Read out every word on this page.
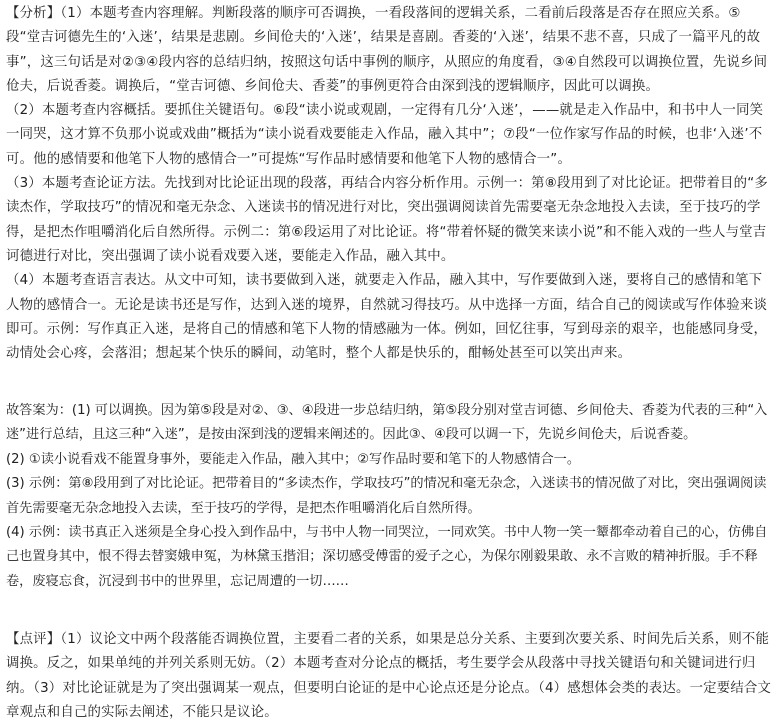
【分析】（1）本题考查内容理解。判断段落的顺序可否调换，一看段落间的逻辑关系，二看前后段落是否存在照应关系。⑤段“堂吉诃德先生的‘入迷’，结果是悲剧。乡间伧夫的‘入迷’，结果是喜剧。香菱的‘入迷’，结果不悲不喜，只成了一篇平凡的故事”，这三句话是对②③④段内容的总结归纳，按照这句话中事例的顺序，从照应的角度看，③④自然段可以调换位置，先说乡间伧夫，后说香菱。调换后，“堂吉诃德、乡间伧夫、香菱”的事例更符合由深到浅的逻辑顺序，因此可以调换。

（2）本题考查内容概括。要抓住关键语句。⑥段“读小说或观剧，一定得有几分‘入迷’，——就是走入作品中，和书中人一同笑一同哭，这才算不负那小说或戏曲”概括为“读小说看戏要能走入作品，融入其中”；⑦段“一位作家写作品的时候，也非‘入迷’不可。他的感情要和他笔下人物的感情合一”可提炼“写作品时感情要和他笔下人物的感情合一”。

（3）本题考查论证方法。先找到对比论证出现的段落，再结合内容分析作用。示例一：第⑧段用到了对比论证。把带着目的“多读杰作，学取技巧”的情况和毫无杂念、入迷读书的情况进行对比，突出强调阅读首先需要毫无杂念地投入去读，至于技巧的学得，是把杰作咀嚼消化后自然所得。示例二：第⑥段运用了对比论证。将“带着怀疑的微笑来读小说”和不能入戏的一些人与堂吉诃德进行对比，突出强调了读小说看戏要入迷，要能走入作品，融入其中。

（4）本题考查语言表达。从文中可知，读书要做到入迷，就要走入作品，融入其中，写作要做到入迷，要将自己的感情和笔下人物的感情合一。无论是读书还是写作，达到入迷的境界，自然就习得技巧。从中选择一方面，结合自己的阅读或写作体验来谈即可。示例：写作真正入迷，是将自己的情感和笔下人物的情感融为一体。例如，回忆往事，写到母亲的艰辛，也能感同身受，动情处会心疼，会落泪；想起某个快乐的瞬间，动笔时，整个人都是快乐的，酣畅处甚至可以笑出声来。

故答案为：(1) 可以调换。因为第⑤段是对②、③、④段进一步总结归纳，第⑤段分别对堂吉诃德、乡间伧夫、香菱为代表的三种“入迷”进行总结，且这三种“入迷”，是按由深到浅的逻辑来阐述的。因此③、④段可以调一下，先说乡间伧夫，后说香菱。

(2) ①读小说看戏不能置身事外，要能走入作品，融入其中；②写作品时要和笔下的人物感情合一。

(3) 示例：第⑧段用到了对比论证。把带着目的“多读杰作，学取技巧”的情况和毫无杂念，入迷读书的情况做了对比，突出强调阅读首先需要毫无杂念地投入去读，至于技巧的学得，是把杰作咀嚼消化后自然所得。

(4) 示例：读书真正入迷须是全身心投入到作品中，与书中人物一同哭泣，一同欢笑。书中人物一笑一颦都牵动着自己的心，仿佛自己也置身其中，恨不得去替窦娥申冤，为林黛玉揩泪；深切感受傅雷的爱子之心，为保尔刚毅果敢、永不言败的精神折服。手不释卷，废寝忘食，沉浸到书中的世界里，忘记周遭的一切……

【点评】（1）议论文中两个段落能否调换位置，主要看二者的关系，如果是总分关系、主要到次要关系、时间先后关系，则不能调换。反之，如果单纯的并列关系则无妨。（2）本题考查对分论点的概括，考生要学会从段落中寻找关键语句和关键词进行归纳。（3）对比论证就是为了突出强调某一观点，但要明白论证的是中心论点还是分论点。（4）感想体会类的表达。一定要结合文章观点和自己的实际去阐述，不能只是议论。
